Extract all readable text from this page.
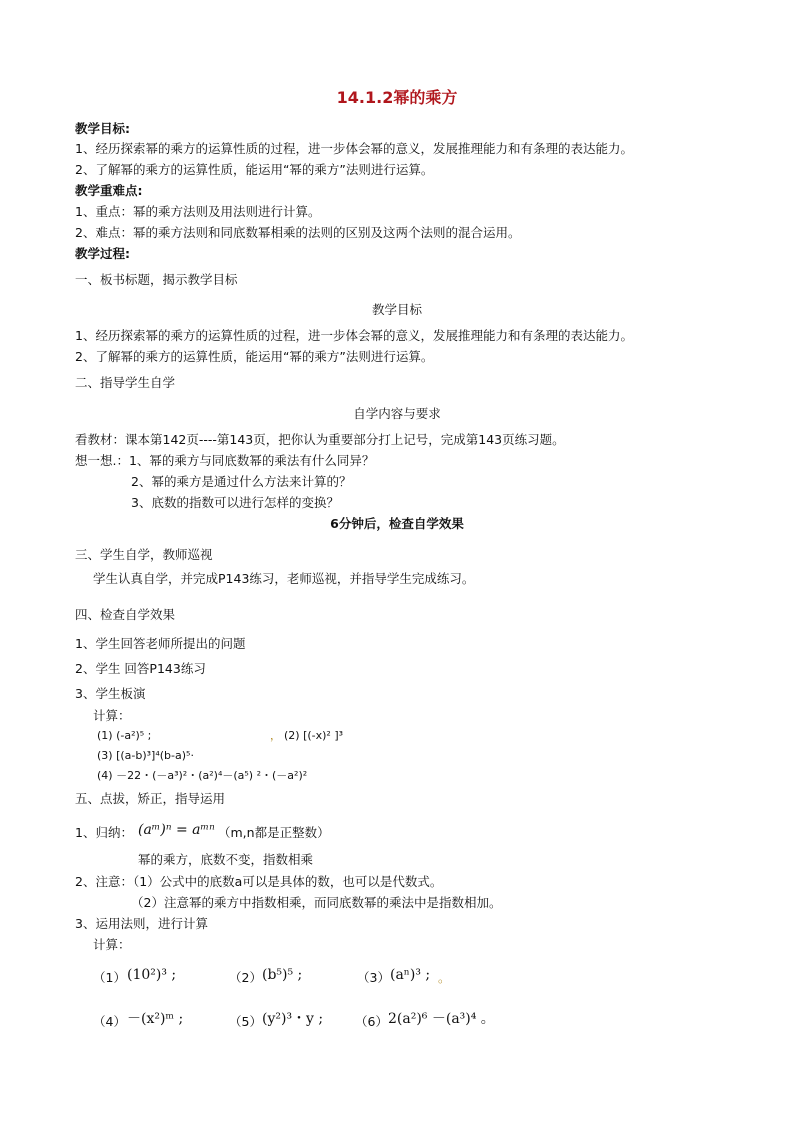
14.1.2幂的乘方
教学目标:
1、经历探索幂的乘方的运算性质的过程，进一步体会幂的意义，发展推理能力和有条理的表达能力。
2、了解幂的乘方的运算性质，能运用“幂的乘方”法则进行运算。
教学重难点:
1、重点：幂的乘方法则及用法则进行计算。
2、难点：幂的乘方法则和同底数幂相乘的法则的区别及这两个法则的混合运用。
教学过程:
一、板书标题，揭示教学目标
教学目标
1、经历探索幂的乘方的运算性质的过程，进一步体会幂的意义，发展推理能力和有条理的表达能力。
2、了解幂的乘方的运算性质，能运用“幂的乘方”法则进行运算。
二、指导学生自学
自学内容与要求
看教材：课本第142页----第143页，把你认为重要部分打上记号，完成第143页练习题。
想一想.：1、幂的乘方与同底数幂的乘法有什么同异？
2、幂的乘方是通过什么方法来计算的？
3、底数的指数可以进行怎样的变换？
6分钟后，检查自学效果
三、学生自学，教师巡视
学生认真自学，并完成P143练习，老师巡视，并指导学生完成练习。
四、检查自学效果
1、学生回答老师所提出的问题
2、学生 回答P143练习
3、学生板演
计算：
(1) (-a²)⁵ ;	， (2) [(-x)² ]³
(3) [(a-b)³]⁴(b-a)⁵·
(4) －22・(－a³)²・(a²)⁴－(a⁵) ²・(－a²)²
五、点拔，矫正，指导运用
1、归纳： (aᵐ)ⁿ = aᵐⁿ （m,n都是正整数）
幂的乘方，底数不变，指数相乘
2、注意：（1）公式中的底数a可以是具体的数，也可以是代数式。
（2）注意幂的乘方中指数相乘，而同底数幂的乘法中是指数相加。
3、运用法则，进行计算
计算：
（1） (10²)³ ;	（2） (b⁵)⁵ ;	（3） (aⁿ)³ ; 。
（4） －(x²)ᵐ ;	（5） (y²)³・y ;	（6） 2(a²)⁶ －(a³)⁴ 。
